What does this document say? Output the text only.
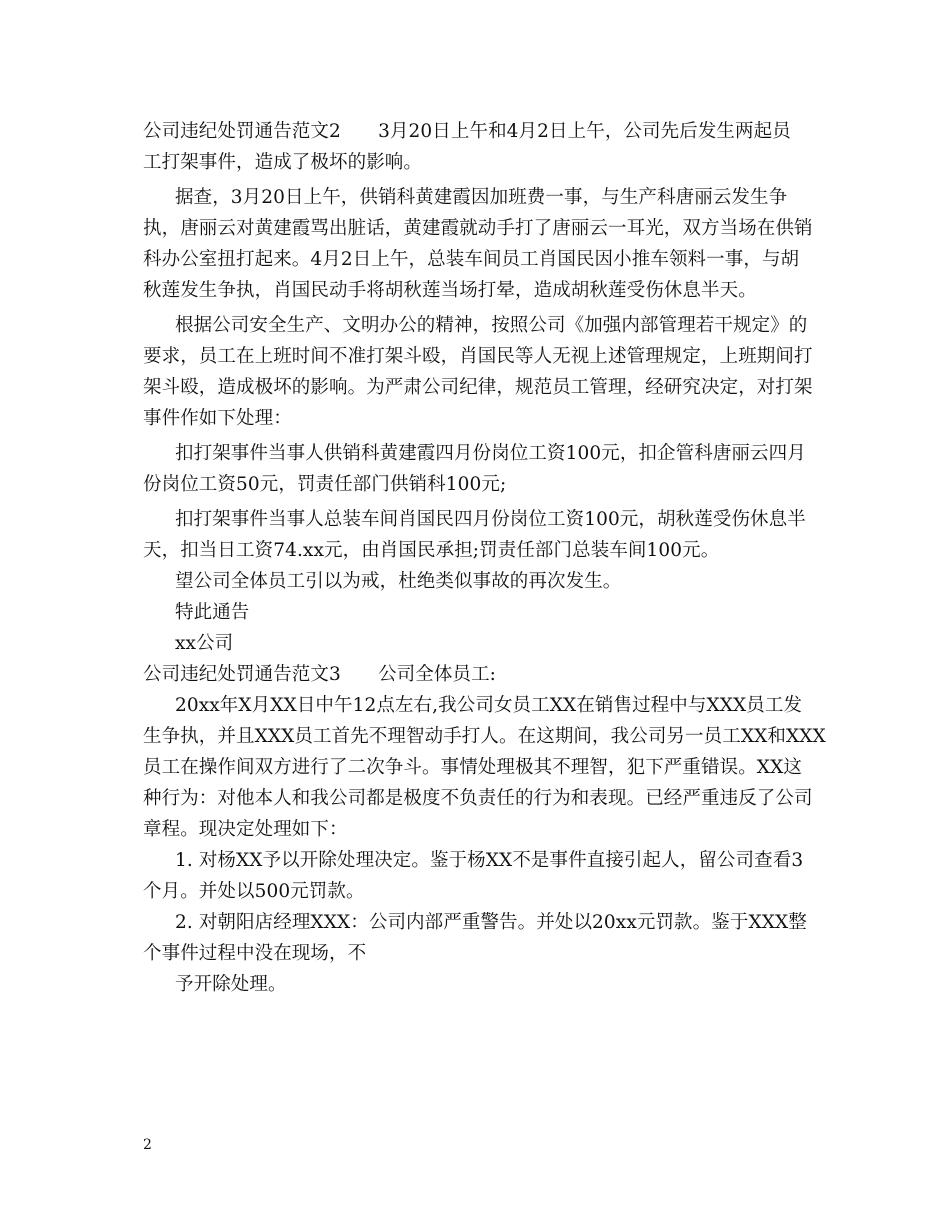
公司违纪处罚通告范文2　　3月20日上午和4月2日上午，公司先后发生两起员
工打架事件，造成了极坏的影响。
据查，3月20日上午，供销科黄建霞因加班费一事，与生产科唐丽云发生争
执，唐丽云对黄建霞骂出脏话，黄建霞就动手打了唐丽云一耳光，双方当场在供销
科办公室扭打起来。4月2日上午，总装车间员工肖国民因小推车领料一事，与胡
秋莲发生争执，肖国民动手将胡秋莲当场打晕，造成胡秋莲受伤休息半天。
根据公司安全生产、文明办公的精神，按照公司《加强内部管理若干规定》的
要求，员工在上班时间不准打架斗殴，肖国民等人无视上述管理规定，上班期间打
架斗殴，造成极坏的影响。为严肃公司纪律，规范员工管理，经研究决定，对打架
事件作如下处理：
扣打架事件当事人供销科黄建霞四月份岗位工资100元，扣企管科唐丽云四月
份岗位工资50元，罚责任部门供销科100元;
扣打架事件当事人总装车间肖国民四月份岗位工资100元，胡秋莲受伤休息半
天，扣当日工资74.xx元，由肖国民承担;罚责任部门总装车间100元。
望公司全体员工引以为戒，杜绝类似事故的再次发生。
特此通告
xx公司
公司违纪处罚通告范文3　　公司全体员工:
20xx年X月XX日中午12点左右,我公司女员工XX在销售过程中与XXX员工发
生争执，并且XXX员工首先不理智动手打人。在这期间，我公司另一员工XX和XXX
员工在操作间双方进行了二次争斗。事情处理极其不理智，犯下严重错误。XX这
种行为：对他本人和我公司都是极度不负责任的行为和表现。已经严重违反了公司
章程。现决定处理如下：
1. 对杨XX予以开除处理决定。鉴于杨XX不是事件直接引起人，留公司查看3
个月。并处以500元罚款。
2. 对朝阳店经理XXX：公司内部严重警告。并处以20xx元罚款。鉴于XXX整
个事件过程中没在现场，不
予开除处理。
2
